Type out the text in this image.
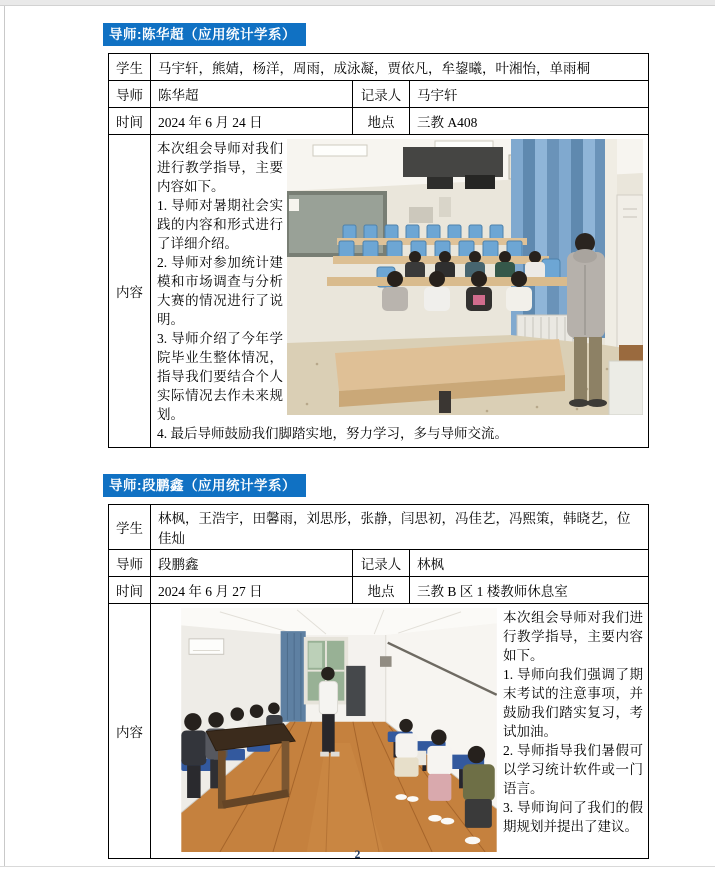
导师:陈华超（应用统计学系）
学生	马宇轩，熊婧，杨洋，周雨，成泳凝，贾依凡，牟鋆曦，叶湘怡，单雨桐		
导师	陈华超	记录人	马宇轩
时间	2024 年 6 月 24 日	地点	三教 A408
内容	本次组会导师对我们进行教学指导，主要内容如下。

1. 导师对暑期社会实践的内容和形式进行了详细介绍。

2. 导师对参加统计建模和市场调查与分析大赛的情况进行了说明。

3. 导师介绍了今年学院毕业生整体情况，指导我们要结合个人实际情况去作未来规划。

4. 最后导师鼓励我们脚踏实地，努力学习，多与导师交流。		

导师:段鹏鑫（应用统计学系）
学生	林枫，王浩宇，田馨雨，刘思彤，张静，闫思初，冯佳艺，冯熙策，韩晓艺，位佳灿		
导师	段鹏鑫	记录人	林枫
时间	2024 年 6 月 27 日	地点	三教 B 区 1 楼教师休息室
内容	本次组会导师对我们进行教学指导，主要内容如下。

1. 导师向我们强调了期末考试的注意事项，并鼓励我们踏实复习，考试加油。

2. 导师指导我们暑假可以学习统计软件或一门语言。

3. 导师询问了我们的假期规划并提出了建议。		

2
